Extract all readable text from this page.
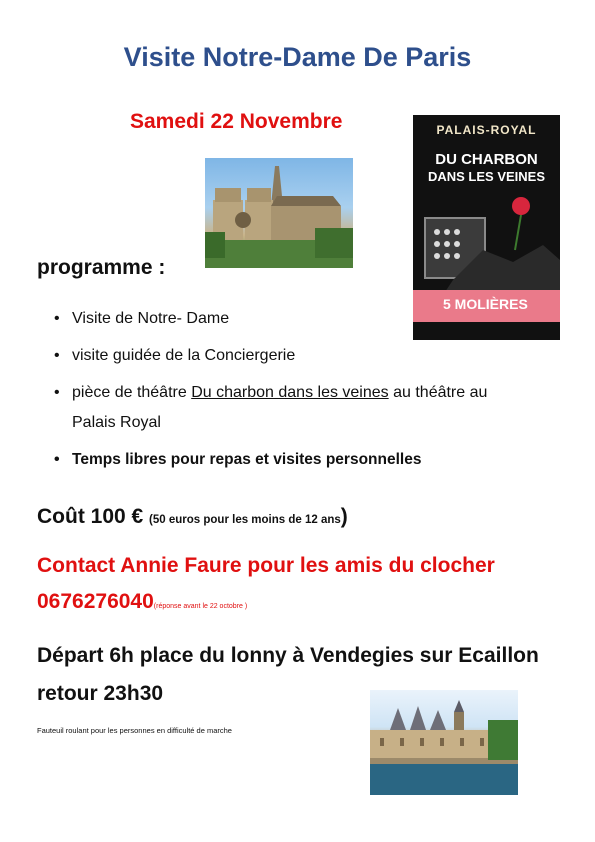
Visite Notre-Dame De Paris
Samedi 22 Novembre	PALAIS-ROYAL
DU CHARBON
DANS LES VEINES
5 MOLIÈRES
programme :
• Visite de Notre- Dame
• visite guidée de la Conciergerie
• pièce de théâtre Du charbon dans les veines au théâtre au Palais Royal
• Temps libres pour repas et visites personnelles
Coût 100 € (50 euros pour les moins de 12 ans)
Contact Annie Faure pour les amis du clocher 0676276040(réponse avant le 22 octobre )
Départ 6h place du lonny à Vendegies sur Ecaillon retour 23h30
Fauteuil roulant pour les personnes en difficulté de marche
